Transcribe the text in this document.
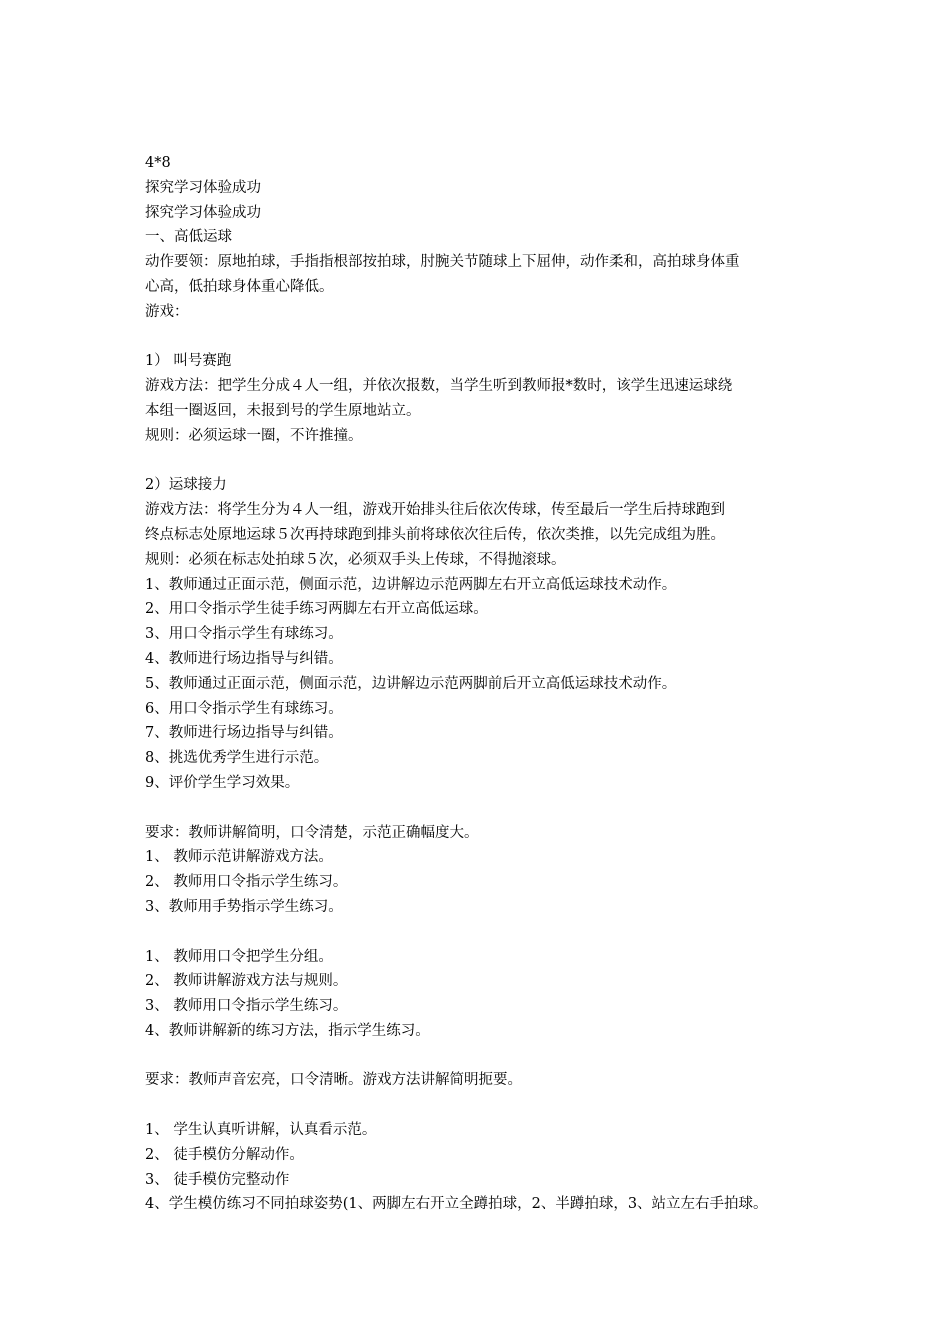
4*8
探究学习体验成功
探究学习体验成功
一、高低运球
动作要领：原地拍球，手指指根部按拍球，肘腕关节随球上下屈伸，动作柔和，高拍球身体重
心高，低拍球身体重心降低。
游戏：
1） 叫号赛跑
游戏方法：把学生分成４人一组，并依次报数，当学生听到教师报*数时，该学生迅速运球绕
本组一圈返回，未报到号的学生原地站立。
规则：必须运球一圈，不许推撞。
2）运球接力
游戏方法：将学生分为４人一组，游戏开始排头往后依次传球，传至最后一学生后持球跑到
终点标志处原地运球５次再持球跑到排头前将球依次往后传，依次类推，以先完成组为胜。
规则：必须在标志处拍球５次，必须双手头上传球，不得抛滚球。
1、教师通过正面示范，侧面示范，边讲解边示范两脚左右开立高低运球技术动作。
2、用口令指示学生徒手练习两脚左右开立高低运球。
3、用口令指示学生有球练习。
4、教师进行场边指导与纠错。
5、教师通过正面示范，侧面示范，边讲解边示范两脚前后开立高低运球技术动作。
6、用口令指示学生有球练习。
7、教师进行场边指导与纠错。
8、挑选优秀学生进行示范。
9、评价学生学习效果。
要求：教师讲解简明，口令清楚，示范正确幅度大。
1、 教师示范讲解游戏方法。
2、 教师用口令指示学生练习。
3、教师用手势指示学生练习。
1、 教师用口令把学生分组。
2、 教师讲解游戏方法与规则。
3、 教师用口令指示学生练习。
4、教师讲解新的练习方法，指示学生练习。
要求：教师声音宏亮，口令清晰。游戏方法讲解简明扼要。
1、 学生认真听讲解，认真看示范。
2、 徒手模仿分解动作。
3、 徒手模仿完整动作
4、学生模仿练习不同拍球姿势(1、两脚左右开立全蹲拍球，2、半蹲拍球，3、站立左右手拍球。
